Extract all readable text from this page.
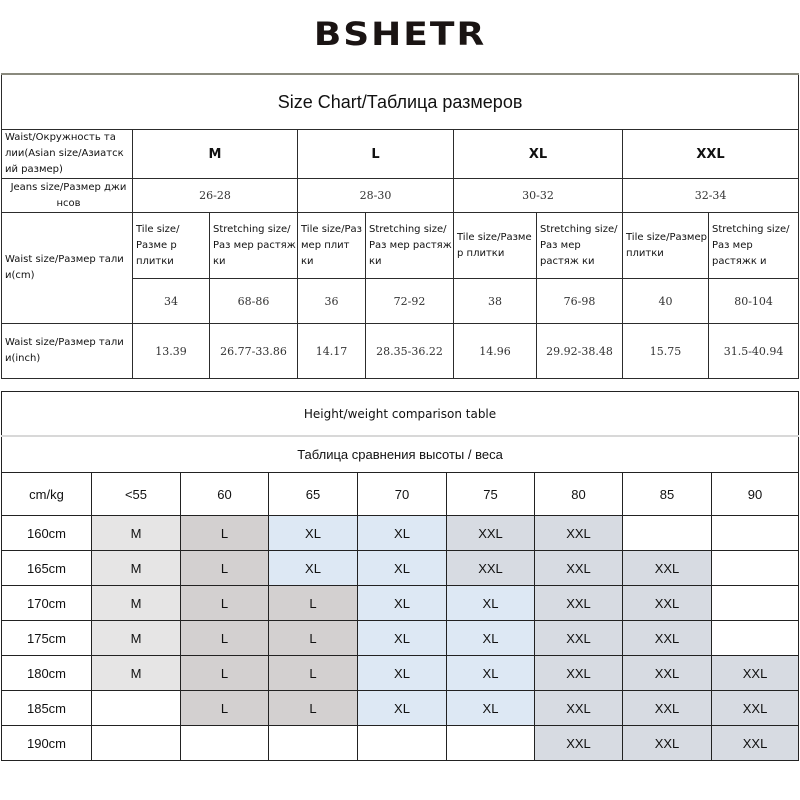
BSHETR
Size Chart/Таблица размеров								
Waist/Окружность та лии(Asian size/Азиатск ий размер)	M		L		XL		XXL	
Jeans size/Размер джи нсов	26-28		28-30		30-32		32-34	
Waist size/Размер тали и(cm)	Tile size/Разме р плитки	Stretching size/Раз мер растяж ки	Tile size/Раз мер плит ки	Stretching size/Раз мер растяж ки	Tile size/Разме р плитки	Stretching size/Раз мер растяж ки	Tile size/Размер плитки	Stretching size/Раз мер растяжк и
	34	68-86	36	72-92	38	76-98	40	80-104
Waist size/Размер тали и(inch)	13.39	26.77-33.86	14.17	28.35-36.22	14.96	29.92-38.48	15.75	31.5-40.94
Height/weight comparison table								
Таблица сравнения высоты / веса								
cm/kg	<55	60	65	70	75	80	85	90
160cm	M	L	XL	XL	XXL	XXL		
165cm	M	L	XL	XL	XXL	XXL	XXL	
170cm	M	L	L	XL	XL	XXL	XXL	
175cm	M	L	L	XL	XL	XXL	XXL	
180cm	M	L	L	XL	XL	XXL	XXL	XXL
185cm		L	L	XL	XL	XXL	XXL	XXL
190cm						XXL	XXL	XXL
